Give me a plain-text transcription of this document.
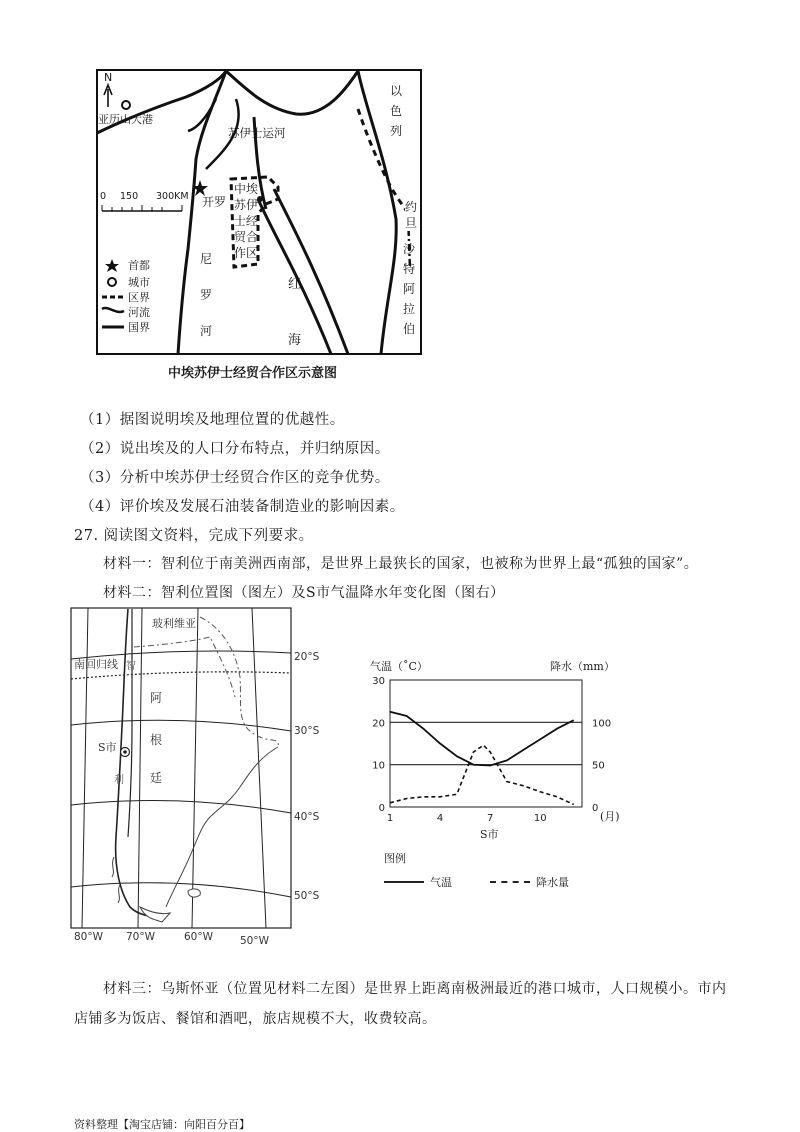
N
亚历山大港
苏伊士运河
以色列
约旦
沙特阿拉伯
开罗
中埃苏伊士经贸合作区
尼罗河
红海
0 150 300KM
首都
城市
区界
河流
国界
中埃苏伊士经贸合作区示意图
（1）据图说明埃及地理位置的优越性。
（2）说出埃及的人口分布特点，并归纳原因。
（3）分析中埃苏伊士经贸合作区的竞争优势。
（4）评价埃及发展石油装备制造业的影响因素。
27. 阅读图文资料，完成下列要求。
材料一：智利位于南美洲西南部，是世界上最狭长的国家，也被称为世界上最“孤独的国家”。
材料二：智利位置图（图左）及S市气温降水年变化图（图右）
玻利维亚
南回归线
阿
根
廷
S市
智
利
20°S
30°S
40°S
50°S
80°W 70°W	60°W	50°W
0
10
20
30
0
50
100
1	4	7	10
气温（˚C）	降水（mm）
S市
(月)
图例
气温	降水量
材料三：乌斯怀亚（位置见材料二左图）是世界上距离南极洲最近的港口城市，人口规模小。市内店铺多为饭店、餐馆和酒吧，旅店规模不大，收费较高。
资料整理【淘宝店铺：向阳百分百】
